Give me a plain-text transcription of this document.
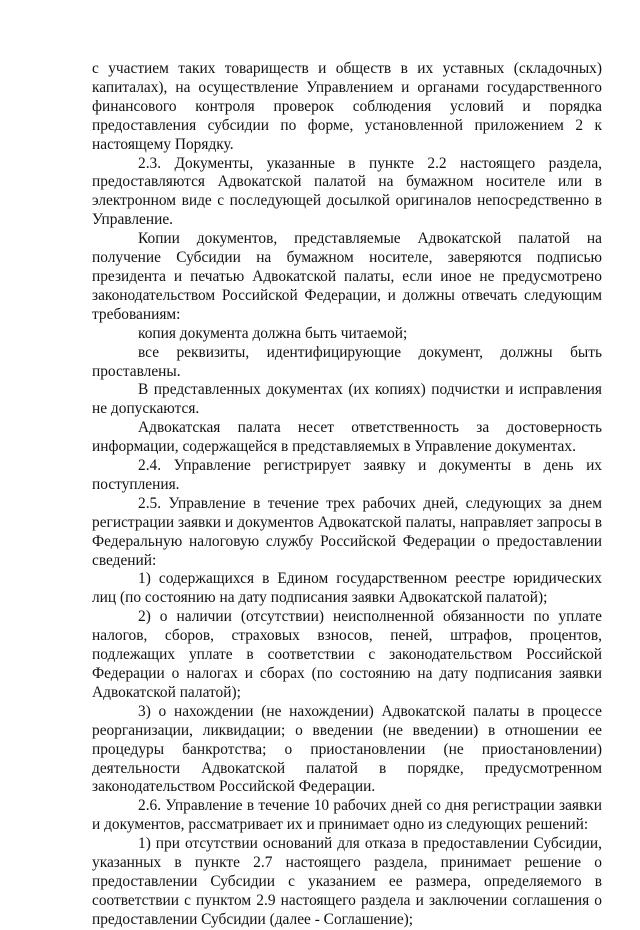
с участием таких товариществ и обществ в их уставных (складочных) капиталах), на осуществление Управлением и органами государственного финансового контроля проверок соблюдения условий и порядка предоставления субсидии по форме, установленной приложением 2 к настоящему Порядку.

2.3. Документы, указанные в пункте 2.2 настоящего раздела, предоставляются Адвокатской палатой на бумажном носителе или в электронном виде с последующей досылкой оригиналов непосредственно в Управление.

Копии документов, представляемые Адвокатской палатой на получение Субсидии на бумажном носителе, заверяются подписью президента и печатью Адвокатской палаты, если иное не предусмотрено законодательством Российской Федерации, и должны отвечать следующим требованиям:

копия документа должна быть читаемой;

все реквизиты, идентифицирующие документ, должны быть проставлены.

В представленных документах (их копиях) подчистки и исправления не допускаются.

Адвокатская палата несет ответственность за достоверность информации, содержащейся в представляемых в Управление документах.

2.4. Управление регистрирует заявку и документы в день их поступления.

2.5. Управление в течение трех рабочих дней, следующих за днем регистрации заявки и документов Адвокатской палаты, направляет запросы в Федеральную налоговую службу Российской Федерации о предоставлении сведений:

1) содержащихся в Едином государственном реестре юридических лиц (по состоянию на дату подписания заявки Адвокатской палатой);

2) о наличии (отсутствии) неисполненной обязанности по уплате налогов, сборов, страховых взносов, пеней, штрафов, процентов, подлежащих уплате в соответствии с законодательством Российской Федерации о налогах и сборах (по состоянию на дату подписания заявки Адвокатской палатой);

3) о нахождении (не нахождении) Адвокатской палаты в процессе реорганизации, ликвидации; о введении (не введении) в отношении ее процедуры банкротства; о приостановлении (не приостановлении) деятельности Адвокатской палатой в порядке, предусмотренном законодательством Российской Федерации.

2.6. Управление в течение 10 рабочих дней со дня регистрации заявки и документов, рассматривает их и принимает одно из следующих решений:

1) при отсутствии оснований для отказа в предоставлении Субсидии, указанных в пункте 2.7 настоящего раздела, принимает решение о предоставлении Субсидии с указанием ее размера, определяемого в соответствии с пунктом 2.9 настоящего раздела и заключении соглашения о предоставлении Субсидии (далее - Соглашение);
